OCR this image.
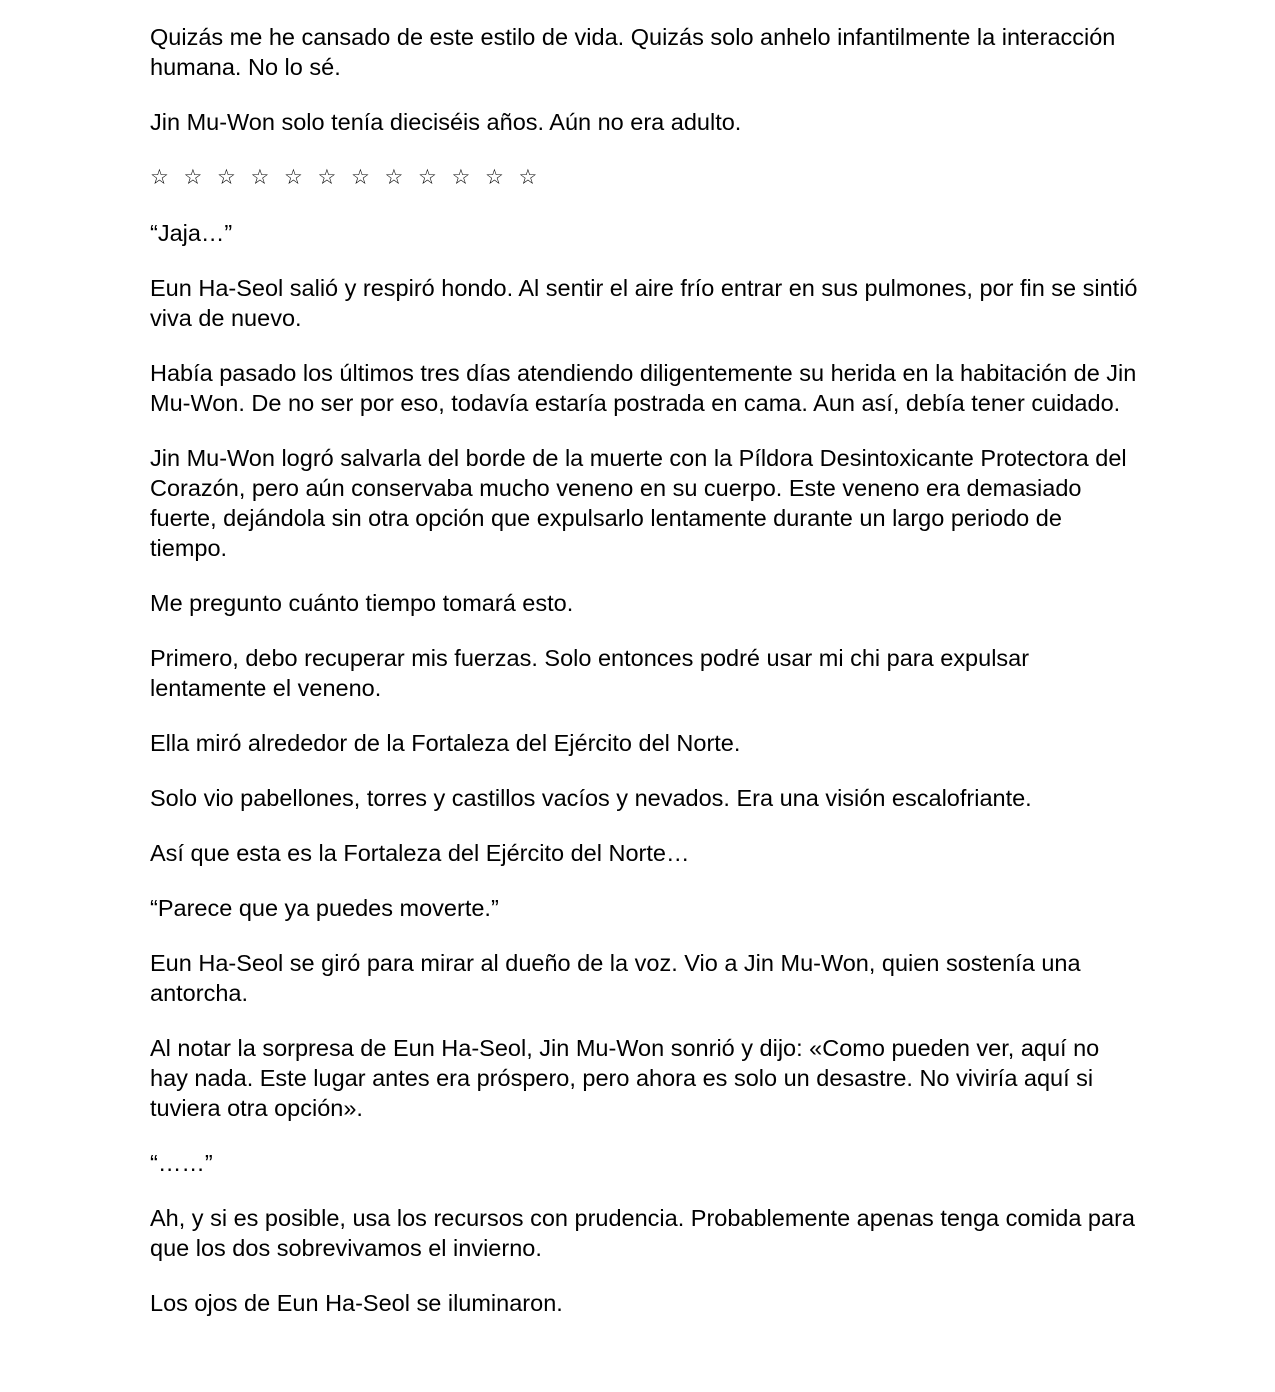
Quizás me he cansado de este estilo de vida. Quizás solo anhelo infantilmente la interacción humana. No lo sé.

Jin Mu-Won solo tenía dieciséis años. Aún no era adulto.

☆ ☆ ☆ ☆ ☆ ☆ ☆ ☆ ☆ ☆ ☆ ☆

“Jaja…”

Eun Ha-Seol salió y respiró hondo. Al sentir el aire frío entrar en sus pulmones, por fin se sintió viva de nuevo.

Había pasado los últimos tres días atendiendo diligentemente su herida en la habitación de Jin Mu-Won. De no ser por eso, todavía estaría postrada en cama. Aun así, debía tener cuidado.

Jin Mu-Won logró salvarla del borde de la muerte con la Píldora Desintoxicante Protectora del Corazón, pero aún conservaba mucho veneno en su cuerpo. Este veneno era demasiado fuerte, dejándola sin otra opción que expulsarlo lentamente durante un largo periodo de tiempo.

Me pregunto cuánto tiempo tomará esto.

Primero, debo recuperar mis fuerzas. Solo entonces podré usar mi chi para expulsar lentamente el veneno.

Ella miró alrededor de la Fortaleza del Ejército del Norte.

Solo vio pabellones, torres y castillos vacíos y nevados. Era una visión escalofriante.

Así que esta es la Fortaleza del Ejército del Norte…

“Parece que ya puedes moverte.”

Eun Ha-Seol se giró para mirar al dueño de la voz. Vio a Jin Mu-Won, quien sostenía una antorcha.

Al notar la sorpresa de Eun Ha-Seol, Jin Mu-Won sonrió y dijo: «Como pueden ver, aquí no hay nada. Este lugar antes era próspero, pero ahora es solo un desastre. No viviría aquí si tuviera otra opción».

“……”

Ah, y si es posible, usa los recursos con prudencia. Probablemente apenas tenga comida para que los dos sobrevivamos el invierno.

Los ojos de Eun Ha-Seol se iluminaron.
